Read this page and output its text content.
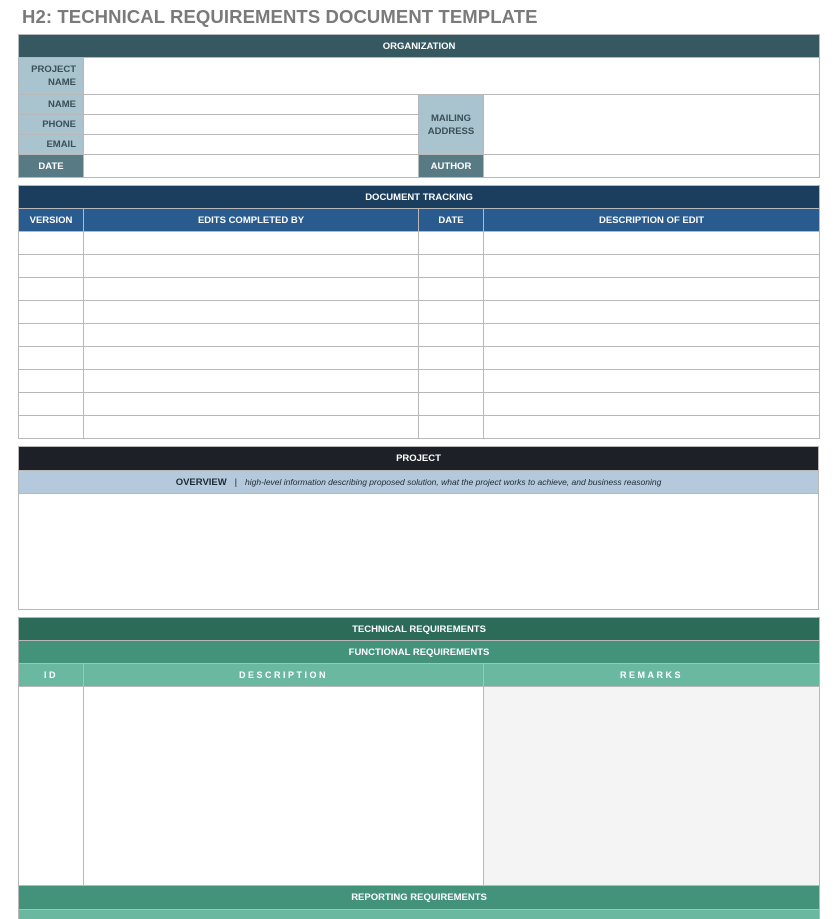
H2: TECHNICAL REQUIREMENTS DOCUMENT TEMPLATE
ORGANIZATION			
PROJECT NAME			
NAME		MAILING ADDRESS	
PHONE			
EMAIL			
DATE		AUTHOR	
DOCUMENT TRACKING			
VERSION	EDITS COMPLETED BY	DATE	DESCRIPTION OF EDIT

PROJECT
OVERVIEW | high-level information describing proposed solution, what the project works to achieve, and business reasoning

TECHNICAL REQUIREMENTS		
FUNCTIONAL REQUIREMENTS		
ID	DESCRIPTION	REMARKS

REPORTING REQUIREMENTS		
